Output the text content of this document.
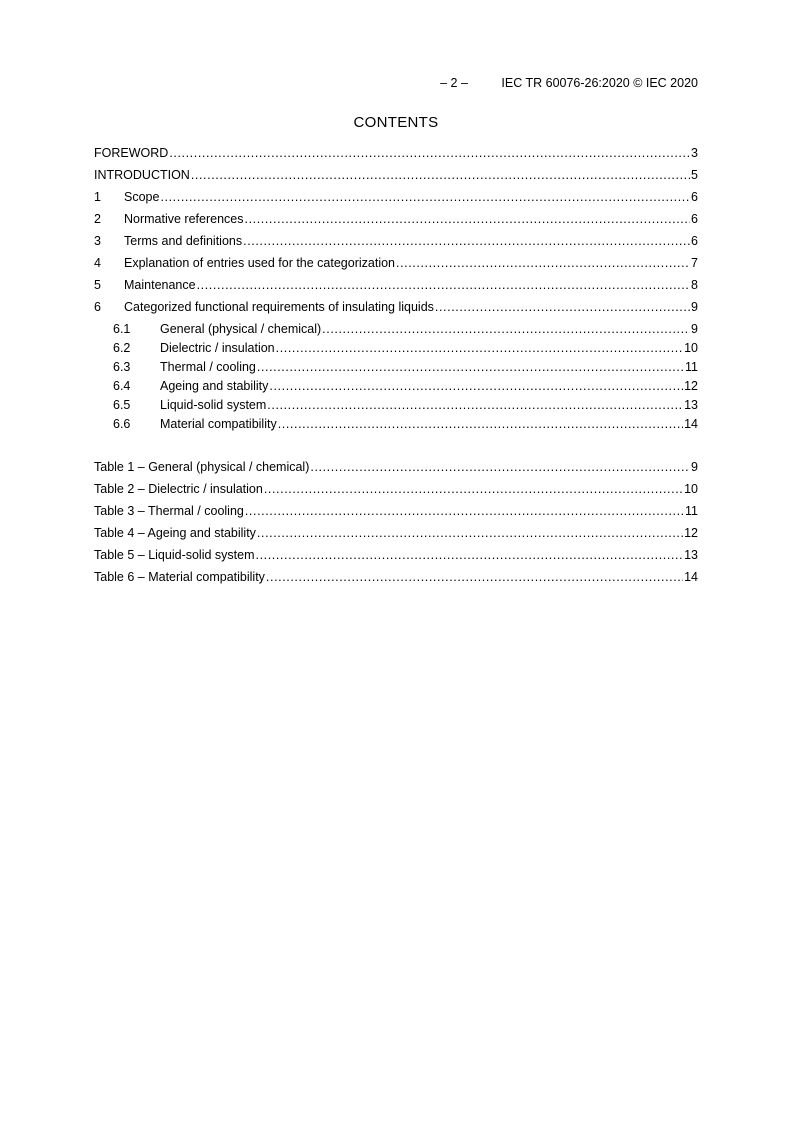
– 2 –	IEC TR 60076-26:2020 © IEC 2020
CONTENTS
FOREWORD .....	3
INTRODUCTION .....	5
1	Scope .....	6
2	Normative references .....	6
3	Terms and definitions .....	6
4	Explanation of entries used for the categorization .....	7
5	Maintenance .....	8
6	Categorized functional requirements of insulating liquids .....	9
6.1	General (physical / chemical) .....	9
6.2	Dielectric / insulation .....	10
6.3	Thermal / cooling .....	11
6.4	Ageing and stability .....	12
6.5	Liquid-solid system .....	13
6.6	Material compatibility .....	14
Table 1 – General (physical / chemical) .....	9
Table 2 – Dielectric / insulation .....	10
Table 3 – Thermal / cooling .....	11
Table 4 – Ageing and stability .....	12
Table 5 – Liquid-solid system .....	13
Table 6 – Material compatibility .....	14
